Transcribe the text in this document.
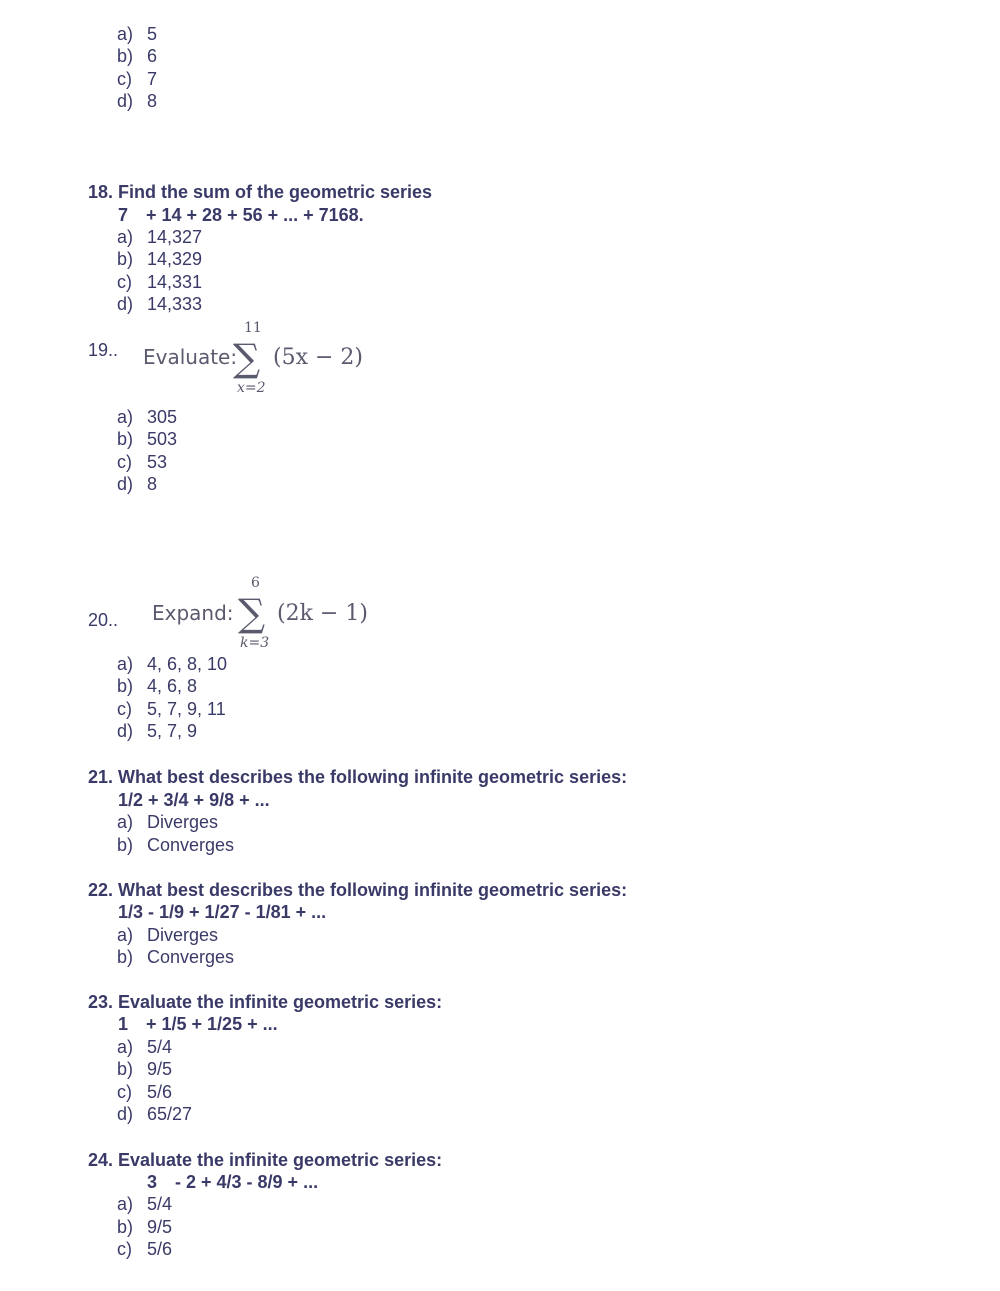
a) 5
b) 6
c) 7
d) 8
18. Find the sum of the geometric series
7 + 14 + 28 + 56 + ... + 7168.
a) 14,327
b) 14,329
c) 14,331
d) 14,333
19.. Evaluate:
11
∑
x=2
(5x − 2)
a) 305
b) 503
c) 53
d) 8
20.. Expand:
6
∑
k=3
(2k − 1)
a) 4, 6, 8, 10
b) 4, 6, 8
c) 5, 7, 9, 11
d) 5, 7, 9
21. What best describes the following infinite geometric series:
1/2 + 3/4 + 9/8 + ...
a) Diverges
b) Converges
22. What best describes the following infinite geometric series:
1/3 - 1/9 + 1/27 - 1/81 + ...
a) Diverges
b) Converges
23. Evaluate the infinite geometric series:
1 + 1/5 + 1/25 + ...
a) 5/4
b) 9/5
c) 5/6
d) 65/27
24. Evaluate the infinite geometric series:
3 - 2 + 4/3 - 8/9 + ...
a) 5/4
b) 9/5
c) 5/6
